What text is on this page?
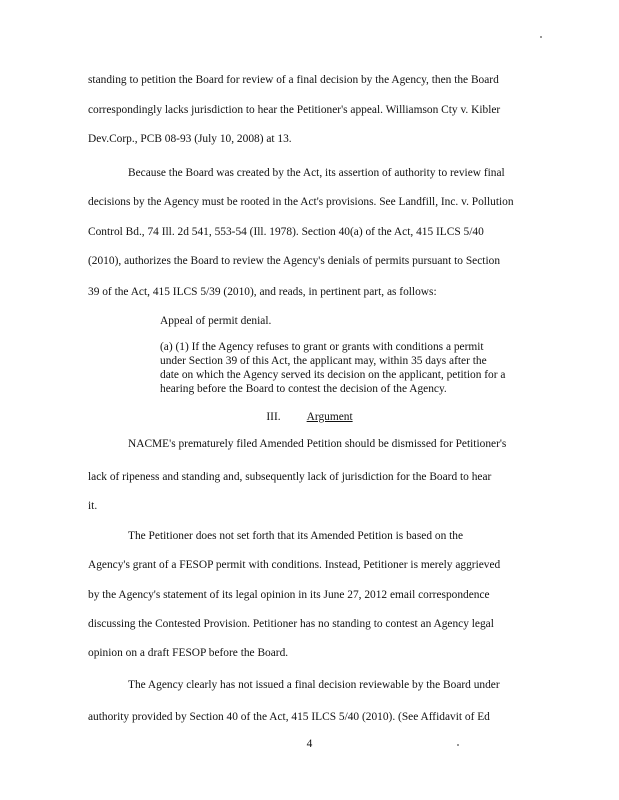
standing to petition the Board for review of a final decision by the Agency, then the Board
correspondingly lacks jurisdiction to hear the Petitioner's appeal. Williamson Cty v. Kibler
Dev.Corp., PCB 08-93 (July 10, 2008) at 13.
Because the Board was created by the Act, its assertion of authority to review final
decisions by the Agency must be rooted in the Act's provisions. See Landfill, Inc. v. Pollution
Control Bd., 74 Ill. 2d 541, 553-54 (Ill. 1978). Section 40(a) of the Act, 415 ILCS 5/40
(2010), authorizes the Board to review the Agency's denials of permits pursuant to Section
39 of the Act, 415 ILCS 5/39 (2010), and reads, in pertinent part, as follows:
Appeal of permit denial.
(a) (1) If the Agency refuses to grant or grants with conditions a permit
under Section 39 of this Act, the applicant may, within 35 days after the
date on which the Agency served its decision on the applicant, petition for a
hearing before the Board to contest the decision of the Agency.
III. Argument
NACME's prematurely filed Amended Petition should be dismissed for Petitioner's
lack of ripeness and standing and, subsequently lack of jurisdiction for the Board to hear
it.
The Petitioner does not set forth that its Amended Petition is based on the
Agency's grant of a FESOP permit with conditions. Instead, Petitioner is merely aggrieved
by the Agency's statement of its legal opinion in its June 27, 2012 email correspondence
discussing the Contested Provision. Petitioner has no standing to contest an Agency legal
opinion on a draft FESOP before the Board.
The Agency clearly has not issued a final decision reviewable by the Board under
authority provided by Section 40 of the Act, 415 ILCS 5/40 (2010). (See Affidavit of Ed
4
